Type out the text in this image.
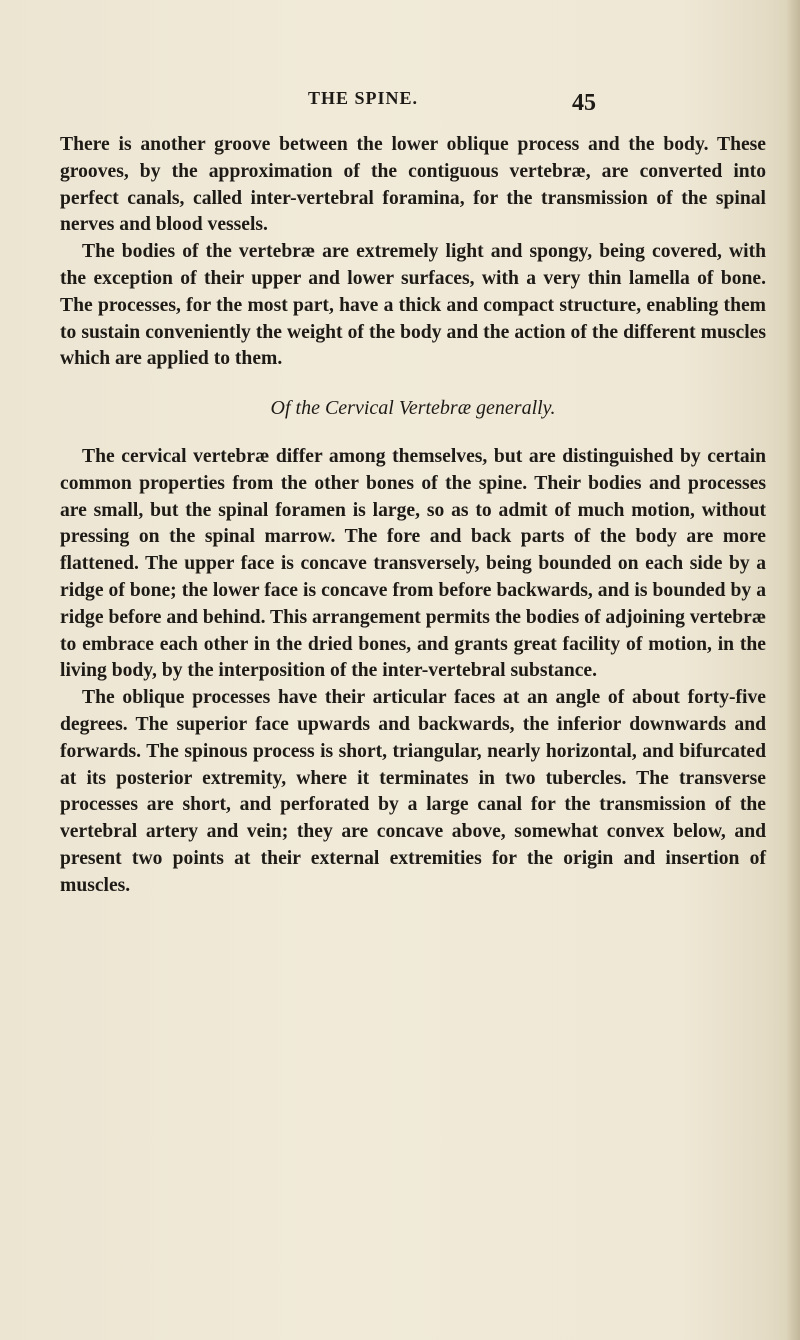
THE SPINE.	45

There is another groove between the lower oblique process and the body. These grooves, by the approximation of the contiguous vertebræ, are converted into perfect canals, called inter-vertebral foramina, for the transmission of the spinal nerves and blood vessels.

The bodies of the vertebræ are extremely light and spongy, being covered, with the exception of their upper and lower surfaces, with a very thin lamella of bone. The processes, for the most part, have a thick and compact structure, enabling them to sustain conveniently the weight of the body and the action of the different muscles which are applied to them.

Of the Cervical Vertebræ generally.

The cervical vertebræ differ among themselves, but are distinguished by certain common properties from the other bones of the spine. Their bodies and processes are small, but the spinal foramen is large, so as to admit of much motion, without pressing on the spinal marrow. The fore and back parts of the body are more flattened. The upper face is concave transversely, being bounded on each side by a ridge of bone; the lower face is concave from before backwards, and is bounded by a ridge before and behind. This arrangement permits the bodies of adjoining vertebræ to embrace each other in the dried bones, and grants great facility of motion, in the living body, by the interposition of the inter-vertebral substance.

The oblique processes have their articular faces at an angle of about forty-five degrees. The superior face upwards and backwards, the inferior downwards and forwards. The spinous process is short, triangular, nearly horizontal, and bifurcated at its posterior extremity, where it terminates in two tubercles. The transverse processes are short, and perforated by a large canal for the transmission of the vertebral artery and vein; they are concave above, somewhat convex below, and present two points at their external extremities for the origin and insertion of muscles.
